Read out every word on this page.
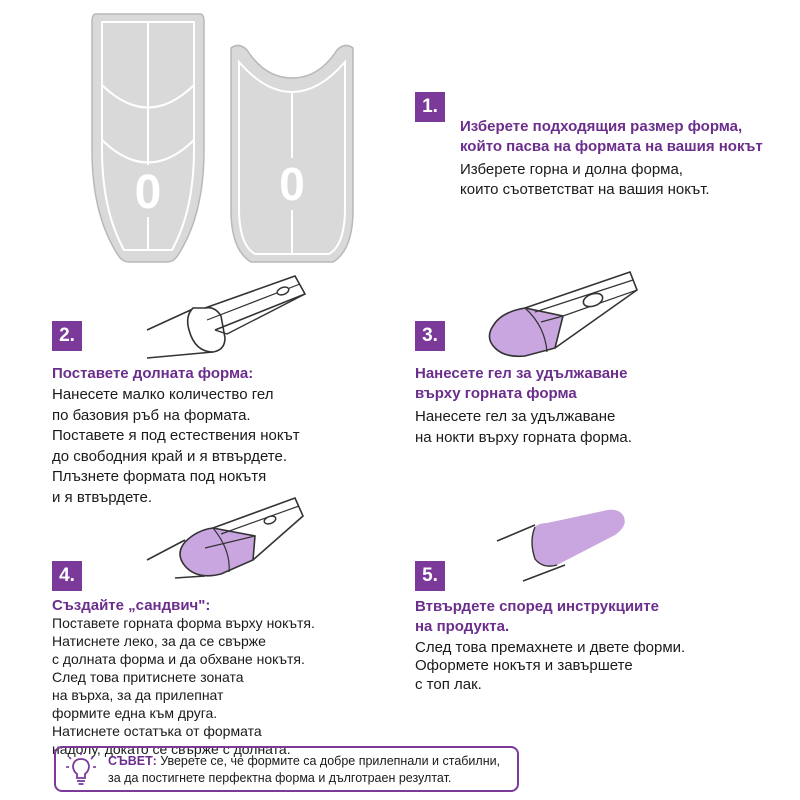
0	0
1.
Изберете подходящия размер форма,
който пасва на формата на вашия нокът
Изберете горна и долна форма,
които съответстват на вашия нокът.
2.
Поставете долната форма:
Нанесете малко количество гел
по базовия ръб на формата.
Поставете я под естествения нокът
до свободния край и я втвърдете.
Плъзнете формата под нокътя
и я втвърдете.
3.
Нанесете гел за удължаване
върху горната форма
Нанесете гел за удължаване
на нокти върху горната форма.
4.
Създайте „сандвич":
Поставете горната форма върху нокътя.
Натиснете леко, за да се свърже
с долната форма и да обхване нокътя.
След това притиснете зоната
на върха, за да прилепнат
формите една към друга.
Натиснете остатъка от формата
надолу, докато се свърже с долната.
5.
Втвърдете според инструкциите
на продукта.
След това премахнете и двете форми.
Оформете нокътя и завършете
с топ лак.
СЪВЕТ: Уверете се, че формите са добре прилепнали и стабилни,
за да постигнете перфектна форма и дълготраен резултат.
